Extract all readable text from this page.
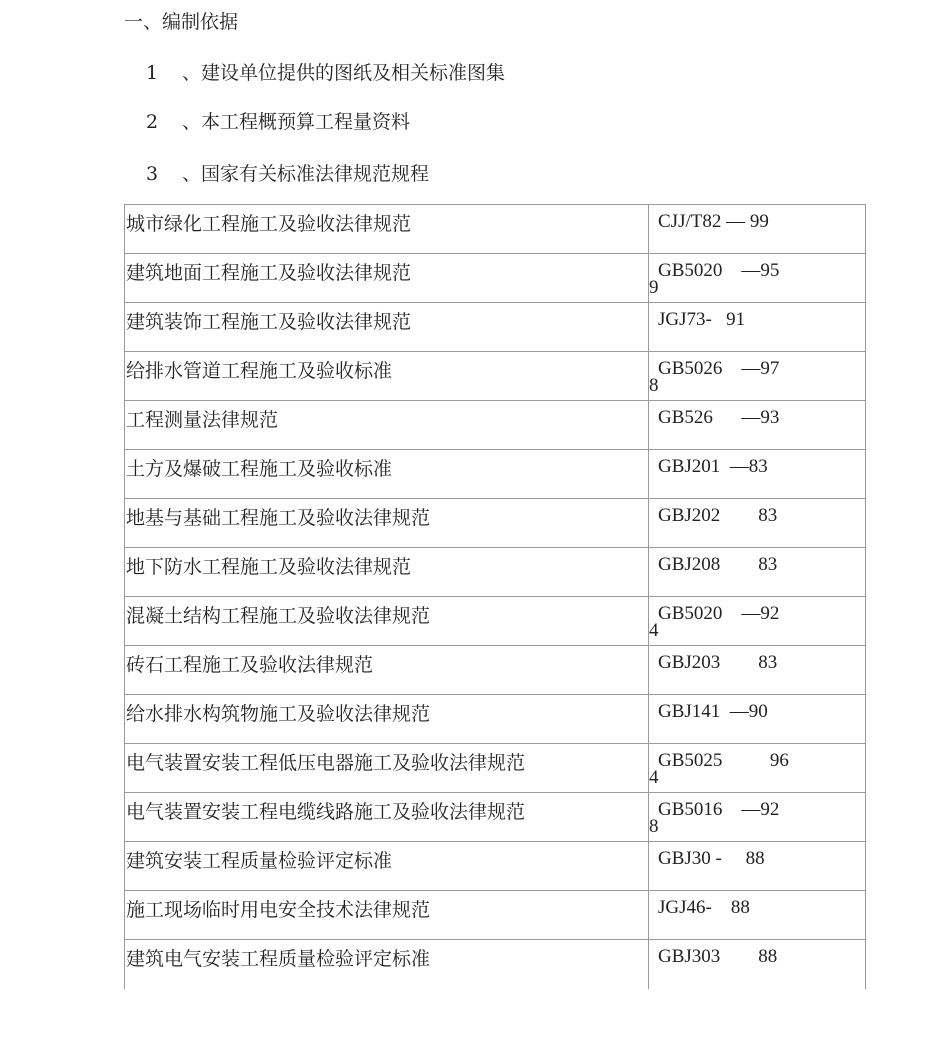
一、编制依据
1 、建设单位提供的图纸及相关标准图集
2 、本工程概预算工程量资料
3 、国家有关标准法律规范规程
城市绿化工程施工及验收法律规范	CJJ/T82 — 99

建筑地面工程施工及验收法律规范	GB5020    —95
9

建筑装饰工程施工及验收法律规范	JGJ73-   91

给排水管道工程施工及验收标准	GB5026    —97
8

工程测量法律规范	GB526      —93

土方及爆破工程施工及验收标准	GBJ201  —83

地基与基础工程施工及验收法律规范	GBJ202        83

地下防水工程施工及验收法律规范	GBJ208        83

混凝土结构工程施工及验收法律规范	GB5020    —92
4

砖石工程施工及验收法律规范	GBJ203        83

给水排水构筑物施工及验收法律规范	GBJ141  —90

电气装置安装工程低压电器施工及验收法律规范	GB5025          96
4

电气装置安装工程电缆线路施工及验收法律规范	GB5016    —92
8

建筑安装工程质量检验评定标准	GBJ30 -     88

施工现场临时用电安全技术法律规范	JGJ46-    88

建筑电气安装工程质量检验评定标准	GBJ303        88
